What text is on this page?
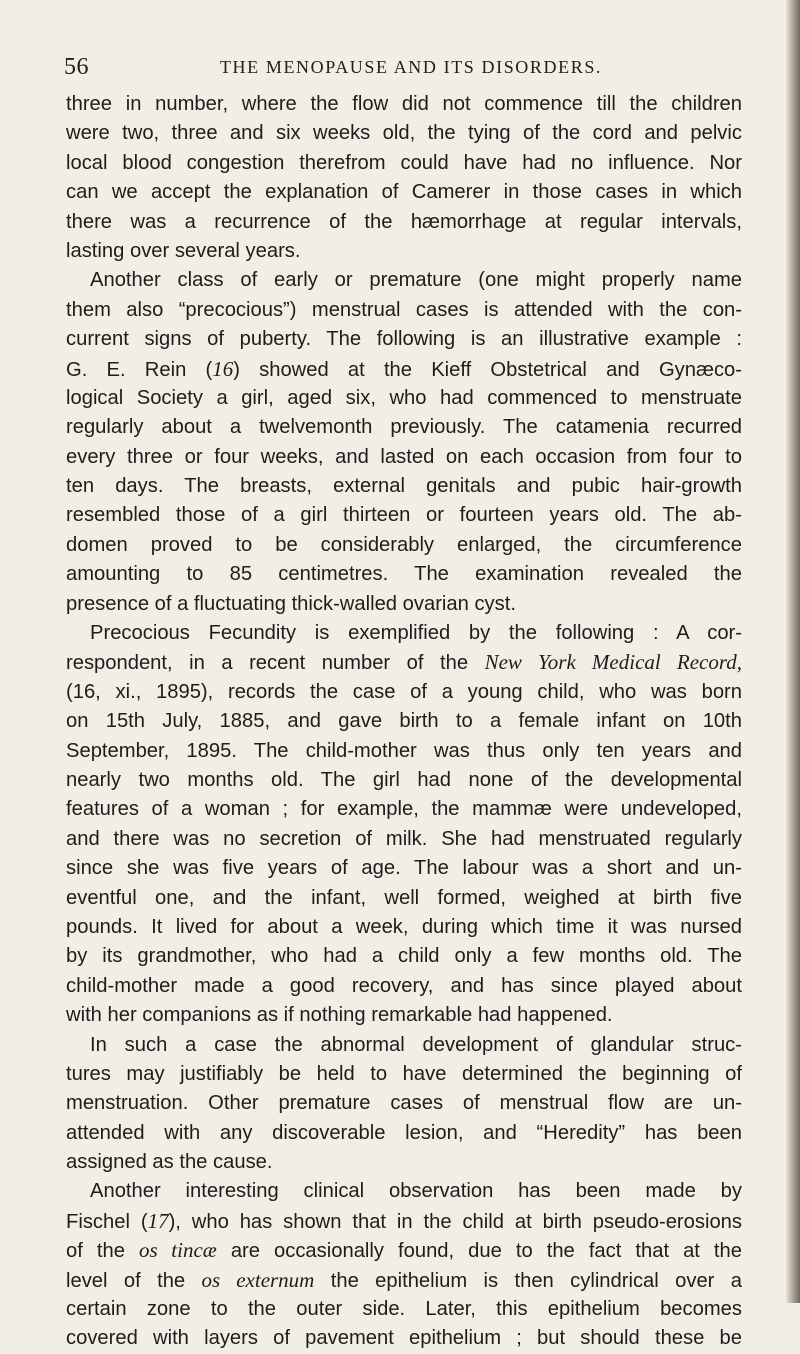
56	THE MENOPAUSE AND ITS DISORDERS.
three in number, where the flow did not commence till the children
were two, three and six weeks old, the tying of the cord and pelvic
local blood congestion therefrom could have had no influence. Nor
can we accept the explanation of Camerer in those cases in which
there was a recurrence of the hæmorrhage at regular intervals,
lasting over several years.
Another class of early or premature (one might properly name
them also “precocious”) menstrual cases is attended with the con-
current signs of puberty. The following is an illustrative example :
G. E. Rein (16) showed at the Kieff Obstetrical and Gynæco-
logical Society a girl, aged six, who had commenced to menstruate
regularly about a twelvemonth previously. The catamenia recurred
every three or four weeks, and lasted on each occasion from four to
ten days. The breasts, external genitals and pubic hair-growth
resembled those of a girl thirteen or fourteen years old. The ab-
domen proved to be considerably enlarged, the circumference
amounting to 85 centimetres. The examination revealed the
presence of a fluctuating thick-walled ovarian cyst.
Precocious Fecundity is exemplified by the following : A cor-
respondent, in a recent number of the New York Medical Record,
(16, xi., 1895), records the case of a young child, who was born
on 15th July, 1885, and gave birth to a female infant on 10th
September, 1895. The child-mother was thus only ten years and
nearly two months old. The girl had none of the developmental
features of a woman ; for example, the mammæ were undeveloped,
and there was no secretion of milk. She had menstruated regularly
since she was five years of age. The labour was a short and un-
eventful one, and the infant, well formed, weighed at birth five
pounds. It lived for about a week, during which time it was nursed
by its grandmother, who had a child only a few months old. The
child-mother made a good recovery, and has since played about
with her companions as if nothing remarkable had happened.
In such a case the abnormal development of glandular struc-
tures may justifiably be held to have determined the beginning of
menstruation. Other premature cases of menstrual flow are un-
attended with any discoverable lesion, and “Heredity” has been
assigned as the cause.
Another interesting clinical observation has been made by
Fischel (17), who has shown that in the child at birth pseudo-erosions
of the os tincæ are occasionally found, due to the fact that at the
level of the os externum the epithelium is then cylindrical over a
certain zone to the outer side. Later, this epithelium becomes
covered with layers of pavement epithelium ; but should these be
